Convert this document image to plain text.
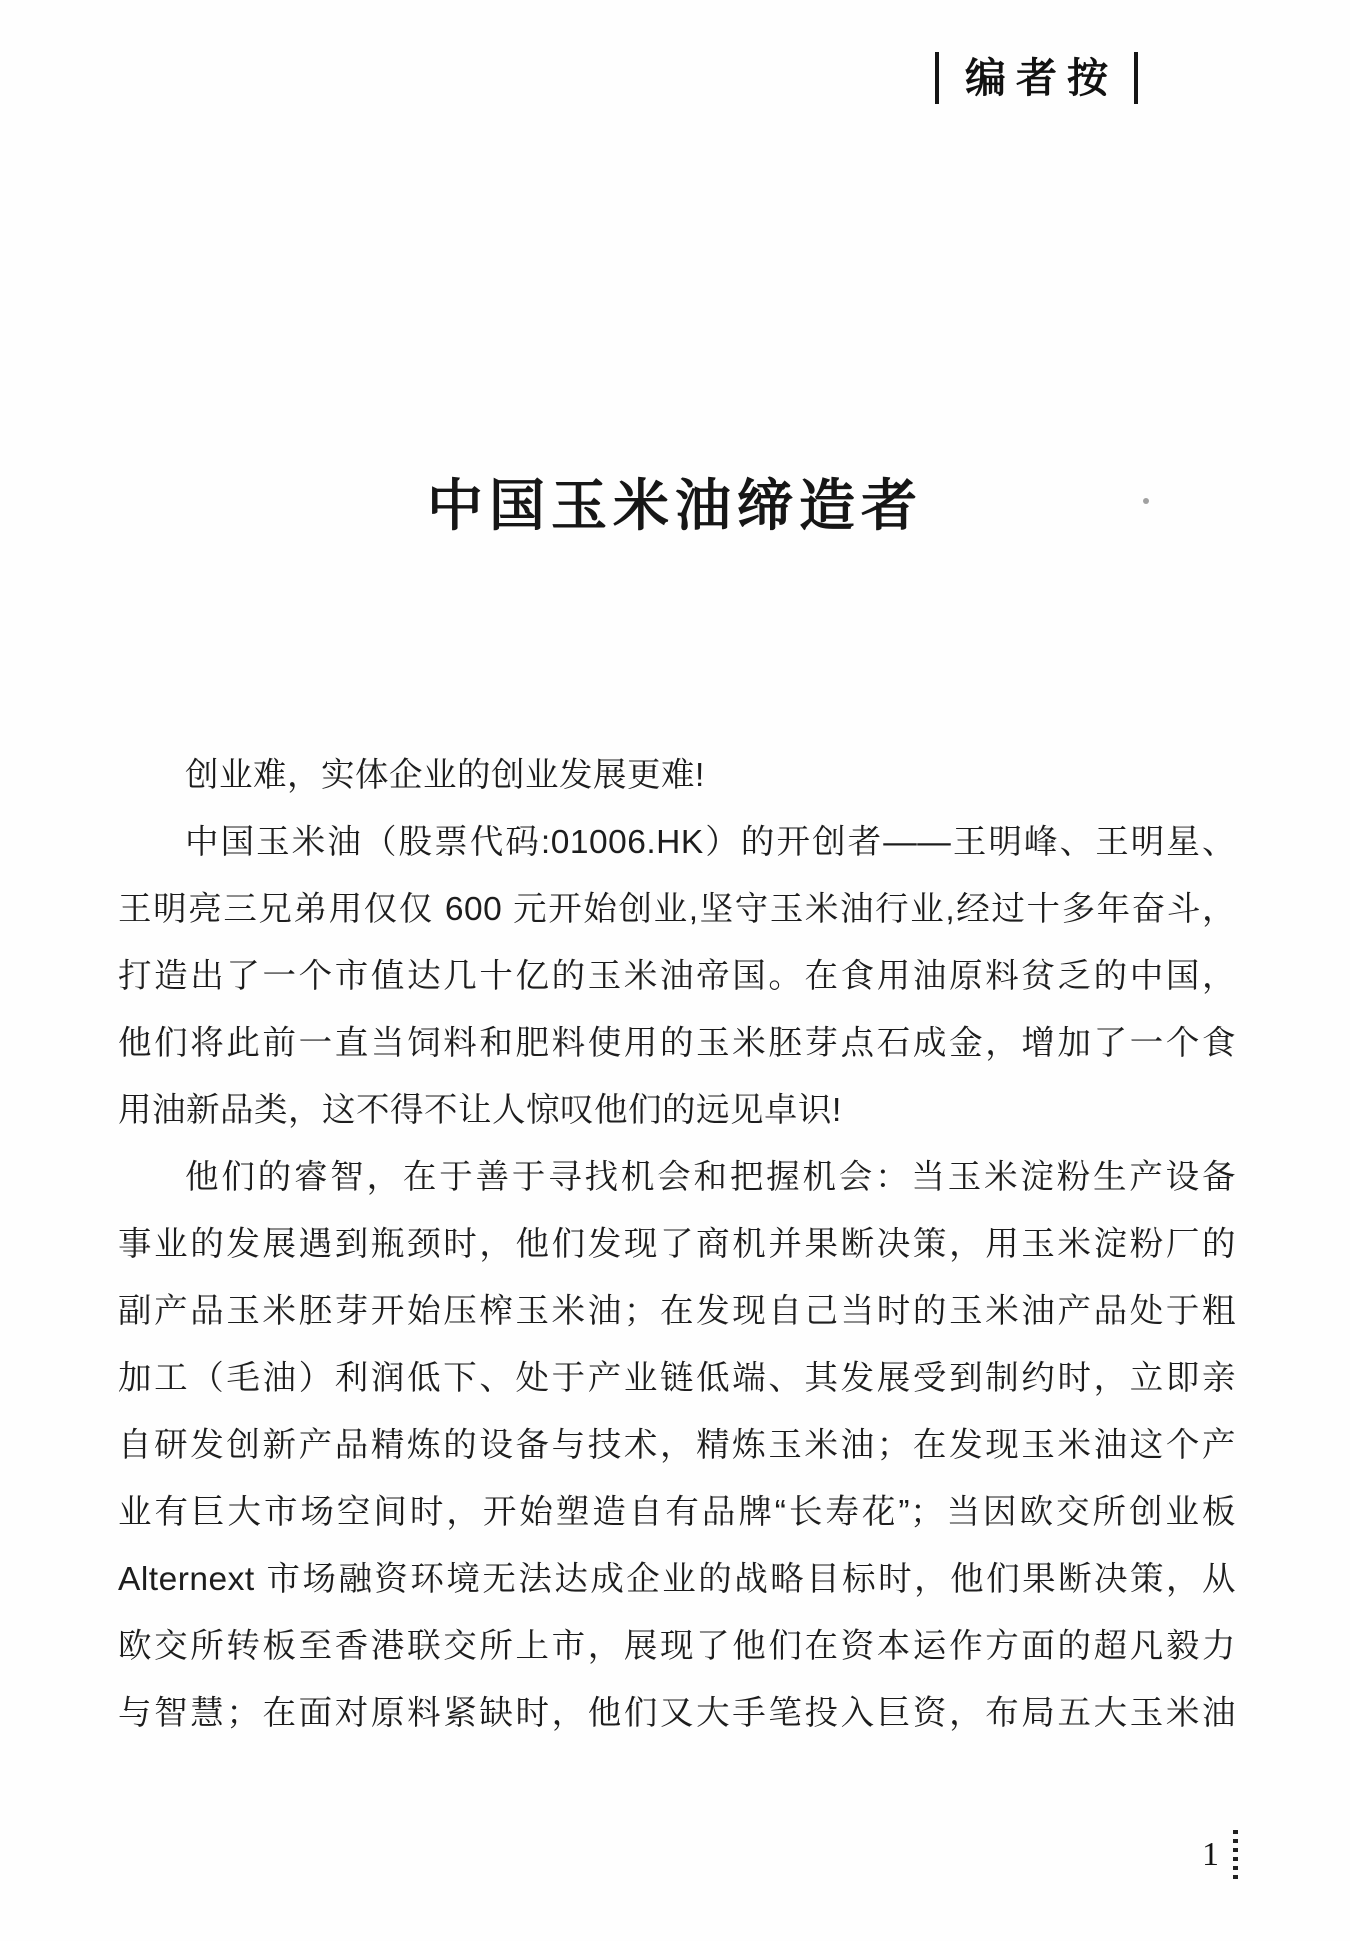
编者按
中国玉米油缔造者
创业难，实体企业的创业发展更难!
中国玉米油（股票代码:01006.HK）的开创者——王明峰、王明星、
王明亮三兄弟用仅仅 600 元开始创业,坚守玉米油行业,经过十多年奋斗，
打造出了一个市值达几十亿的玉米油帝国。在食用油原料贫乏的中国，
他们将此前一直当饲料和肥料使用的玉米胚芽点石成金，增加了一个食
用油新品类，这不得不让人惊叹他们的远见卓识!
他们的睿智，在于善于寻找机会和把握机会：当玉米淀粉生产设备
事业的发展遇到瓶颈时，他们发现了商机并果断决策，用玉米淀粉厂的
副产品玉米胚芽开始压榨玉米油；在发现自己当时的玉米油产品处于粗
加工（毛油）利润低下、处于产业链低端、其发展受到制约时，立即亲
自研发创新产品精炼的设备与技术，精炼玉米油；在发现玉米油这个产
业有巨大市场空间时，开始塑造自有品牌“长寿花”；当因欧交所创业板
Alternext 市场融资环境无法达成企业的战略目标时，他们果断决策，从
欧交所转板至香港联交所上市，展现了他们在资本运作方面的超凡毅力
与智慧；在面对原料紧缺时，他们又大手笔投入巨资，布局五大玉米油
1
